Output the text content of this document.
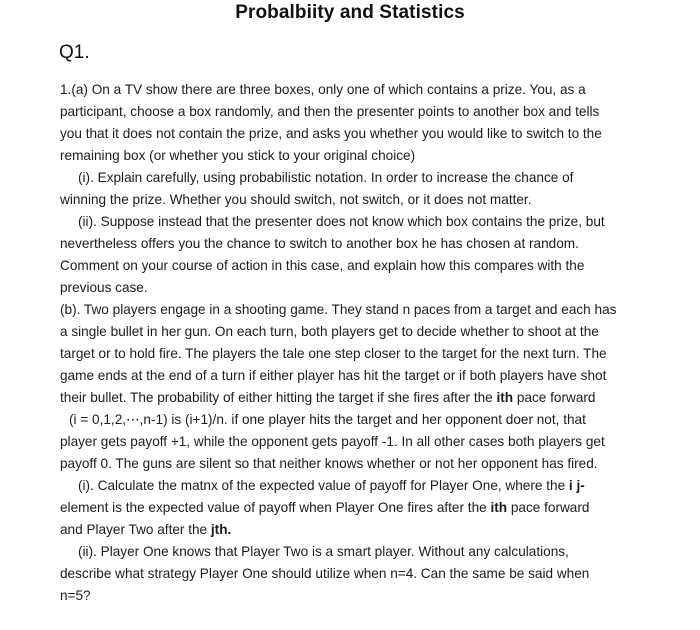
Probalbiity and Statistics
Q1.
1.(a) On a TV show there are three boxes, only one of which contains a prize. You, as a
participant, choose a box randomly, and then the presenter points to another box and tells
you that it does not contain the prize, and asks you whether you would like to switch to the
remaining box (or whether you stick to your original choice)
(i). Explain carefully, using probabilistic notation. In order to increase the chance of
winning the prize. Whether you should switch, not switch, or it does not matter.
(ii). Suppose instead that the presenter does not know which box contains the prize, but
nevertheless offers you the chance to switch to another box he has chosen at random.
Comment on your course of action in this case, and explain how this compares with the
previous case.
(b). Two players engage in a shooting game. They stand n paces from a target and each has
a single bullet in her gun. On each turn, both players get to decide whether to shoot at the
target or to hold fire. The players the tale one step closer to the target for the next turn. The
game ends at the end of a turn if either player has hit the target or if both players have shot
their bullet. The probability of either hitting the target if she fires after the ith pace forward
(i = 0,1,2,⋯,n-1) is (i+1)/n. if one player hits the target and her opponent doer not, that
player gets payoff +1, while the opponent gets payoff -1. In all other cases both players get
payoff 0. The guns are silent so that neither knows whether or not her opponent has fired.
(i). Calculate the matnx of the expected value of payoff for Player One, where the i j-
element is the expected value of payoff when Player One fires after the ith pace forward
and Player Two after the jth.
(ii). Player One knows that Player Two is a smart player. Without any calculations,
describe what strategy Player One should utilize when n=4. Can the same be said when
n=5?
